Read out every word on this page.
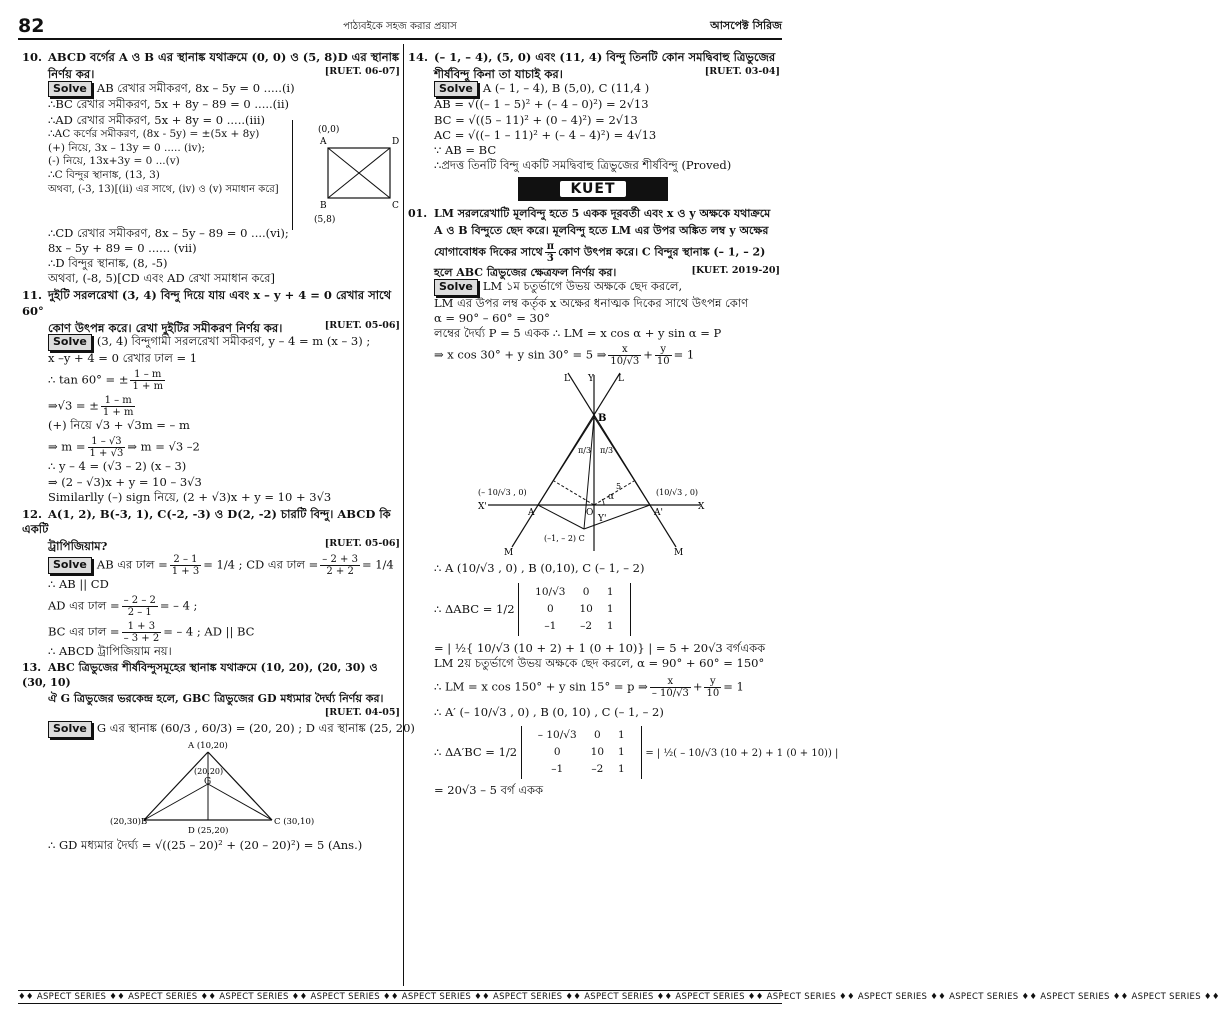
82	পাঠ্যবইকে সহজ করার প্রয়াস	আসপেক্ট সিরিজ
10. ABCD বর্গের A ও B এর স্থানাঙ্ক যথাক্রমে (0, 0) ও (5, 8)D এর স্থানাঙ্ক
নির্ণয় কর।	[RUET. 06-07]
Solve AB রেখার সমীকরণ, 8x – 5y = 0 .....(i)
∴BC রেখার সমীকরণ, 5x + 8y – 89 = 0 .....(ii)
∴AD রেখার সমীকরণ, 5x + 8y = 0 .....(iii)
∴AC কর্ণের সমীকরণ, (8x - 5y) = ±(5x + 8y)
(+) নিয়ে, 3x – 13y = 0 ..... (iv);
(-) নিয়ে, 13x+3y = 0 ...(v)
∴C বিন্দুর স্থানাঙ্ক, (13, 3)
অথবা, (-3, 13)[(ii) এর সাথে, (iv) ও (v) সমাধান করে]
(0,0)
A	D
B	C
(5,8)
∴CD রেখার সমীকরণ, 8x – 5y – 89 = 0 ....(vi);
8x – 5y + 89 = 0 ...... (vii)
∴D বিন্দুর স্থানাঙ্ক, (8, -5)
অথবা, (-8, 5)[CD এবং AD রেখা সমাধান করে]
11. দুইটি সরলরেখা (3, 4) বিন্দু দিয়ে যায় এবং x – y + 4 = 0 রেখার সাথে 60°
কোণ উৎপন্ন করে। রেখা দুইটির সমীকরণ নির্ণয় কর।	[RUET. 05-06]
Solve (3, 4) বিন্দুগামী সরলরেখা সমীকরণ, y – 4 = m (x – 3) ;
x –y + 4 = 0 রেখার ঢাল = 1
∴ tan 60° = ± $\frac{1 - m}{1 + m}$
⇒√3 = ± $\frac{1 - m}{1 + m}$
(+) নিয়ে √3 + √3m = – m
⇒ $m = \frac{1 - √3}{1 + √3}$ ⇒ m = √3 –2
∴ y – 4 = (√3 – 2) (x – 3)
⇒ (2 – √3)x + y = 10 – 3√3
Similarlly (–) sign নিয়ে, (2 + √3)x + y = 10 + 3√3
12. A(1, 2), B(-3, 1), C(-2, -3) ও D(2, -2) চারটি বিন্দু। ABCD কি একটি
ট্রাপিজিয়াম?	[RUET. 05-06]
Solve AB এর ঢাল = $\frac{2 - 1}{1 + 3} = 1/4$ ; CD এর ঢাল = $\frac{- 2 + 3}{2 + 2} = 1/4$
∴ AB || CD
AD এর ঢাল = $\frac{- 2 - 2}{2 - 1}$ = – 4 ;
BC এর ঢাল = $\frac{1 + 3}{- 3 + 2}$ = – 4 ; AD || BC
∴ ABCD ট্রাপিজিয়াম নয়।
13. ABC ত্রিভুজের শীর্ষবিন্দুসমূহের স্থানাঙ্ক যথাক্রমে (10, 20), (20, 30) ও (30, 10)
ঐ G ত্রিভুজের ভরকেন্দ্র হলে, GBC ত্রিভুজের GD মধ্যমার দৈর্ঘ্য নির্ণয় কর।
[RUET. 04-05]
Solve G এর স্থানাঙ্ক (60/3 , 60/3) = (20, 20) ; D এর স্থানাঙ্ক (25, 20)
A (10,20)
(20,20)
G
(20,30)B	C (30,10)
D (25,20)
∴ GD মধ্যমার দৈর্ঘ্য = √((25 – 20)² + (20 – 20)²) = 5 (Ans.)
14. (– 1, – 4), (5, 0) এবং (11, 4) বিন্দু তিনটি কোন সমদ্বিবাহু ত্রিভুজের
শীর্ষবিন্দু কিনা তা যাচাই কর।	[RUET. 03-04]
Solve A (– 1, – 4), B (5,0), C (11,4 )
AB = √((– 1 – 5)² + (– 4 – 0)²) = 2√13
BC = √((5 – 11)² + (0 – 4)²) = 2√13
AC = √((– 1 – 11)² + (– 4 – 4)²) = 4√13
∵ AB = BC
∴প্রদত্ত তিনটি বিন্দু একটি সমদ্বিবাহু ত্রিভুজের শীর্ষবিন্দু (Proved)
KUET
01. LM সরলরেখাটি মূলবিন্দু হতে 5 একক দূরবর্তী এবং x ও y অক্ষকে যথাক্রমে
A ও B বিন্দুতে ছেদ করে। মূলবিন্দু হতে LM এর উপর অঙ্কিত লম্ব y অক্ষের
যোগাবোধক দিকের সাথে $\frac{\pi}{3}$ কোণ উৎপন্ন করে। C বিন্দুর স্থানাঙ্ক (– 1, – 2)
হলে ABC ত্রিভুজের ক্ষেত্রফল নির্ণয় কর।	[KUET. 2019-20]
Solve LM ১ম চতুর্ভাগে উভয় অক্ষকে ছেদ করলে,
LM এর উপর লম্ব কর্তৃক x অক্ষের ধনাত্মক দিকের সাথে উৎপন্ন কোণ
α = 90° – 60° = 30°
লম্বের দৈর্ঘ্য P = 5 একক ∴ LM = x cos α + y sin α = P
⇒ x cos 30° + y sin 30° = 5 ⇒ $\frac{x}{10/√3} + \frac{y}{10} = 1$
L Y	L
B
π/3 π/3
α
5
(– 10/√3 , 0)	(10/√3 , 0)
X'	X
A	O	A'
Y'
M	M
(–1, – 2) C
∴ A (10/√3 , 0) , B (0,10), C (– 1, – 2)
∴ ΔABC = 1/2 10/√3	0	1
0	10	1
–1	–2	1
= | ½{ 10/√3 (10 + 2) + 1 (0 + 10)} | = 5 + 20√3 বর্গএকক
LM 2য় চতুর্ভাগে উভয় অক্ষকে ছেদ করলে, α = 90° + 60° = 150°
∴ LM = x cos 150° + y sin 15° = p ⇒ $\frac{x}{- 10/√3} + \frac{y}{10} = 1$
∴ A′ (– 10/√3 , 0) , B (0, 10) , C (– 1, – 2)
∴ ΔA′BC = 1/2 – 10/√3	0	1
0	10	1
–1	–2	1 = | ½( – 10/√3 (10 + 2) + 1 (0 + 10)) |
= 20√3 – 5 বর্গ একক
♦♦ ASPECT SERIES ♦♦ ASPECT SERIES ♦♦ ASPECT SERIES ♦♦ ASPECT SERIES ♦♦ ASPECT SERIES ♦♦ ASPECT SERIES ♦♦ ASPECT SERIES ♦♦ ASPECT SERIES ♦♦ ASPECT SERIES ♦♦ ASPECT SERIES ♦♦ ASPECT SERIES ♦♦ ASPECT SERIES ♦♦ ASPECT SERIES ♦♦
